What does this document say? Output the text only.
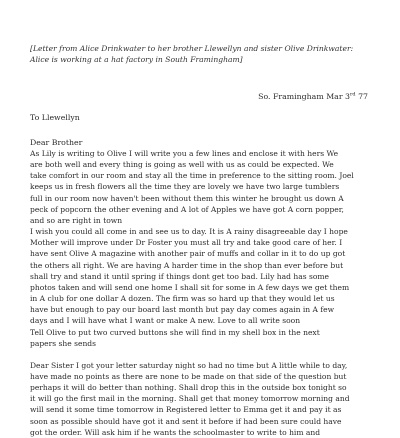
[Letter from Alice Drinkwater to her brother Llewellyn and sister Olive Drinkwater:
Alice is working at a hat factory in South Framingham]

So. Framingham Mar 3rd 77

To Llewellyn

Dear Brother

As Lily is writing to Olive I will write you a few lines and enclose it with hers We
are both well and every thing is going as well with us as could be expected. We
take comfort in our room and stay all the time in preference to the sitting room. Joel
keeps us in fresh flowers all the time they are lovely we have two large tumblers
full in our room now haven't been without them this winter he brought us down A
peck of popcorn the other evening and A lot of Apples we have got A corn popper,
and so are right in town
I wish you could all come in and see us to day. It is A rainy disagreeable day I hope
Mother will improve under Dr Foster you must all try and take good care of her. I
have sent Olive A magazine with another pair of muffs and collar in it to do up got
the others all right. We are having A harder time in the shop than ever before but
shall try and stand it until spring if things dont get too bad. Lily had has some
photos taken and will send one home I shall sit for some in A few days we get them
in A club for one dollar A dozen. The firm was so hard up that they would let us
have but enough to pay our board last month but pay day comes again in A few
days and I will have what I want or make A new. Love to all write soon
Tell Olive to put two curved buttons she will find in my shell box in the next
papers she sends
Dear Sister I got your letter saturday night so had no time but A little while to day,
have made no points as there are none to be made on that side of the question but
perhaps it will do better than nothing. Shall drop this in the outside box tonight so
it will go the first mail in the morning. Shall get that money tomorrow morning and
will send it some time tomorrow in Registered letter to Emma get it and pay it as
soon as possible should have got it and sent it before if had been sure could have
got the order. Will ask him if he wants the schoolmaster to write to him and
